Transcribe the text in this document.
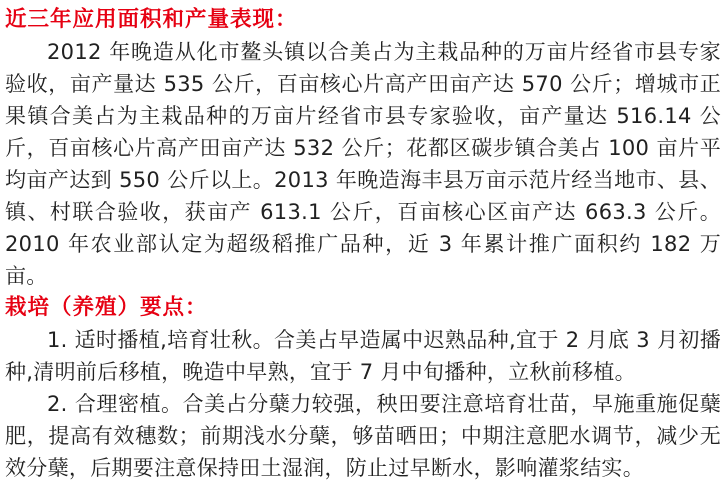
近三年应用面积和产量表现：

2012 年晚造从化市鳌头镇以合美占为主栽品种的万亩片经省市县专家验收，亩产量达 535 公斤，百亩核心片高产田亩产达 570 公斤；增城市正果镇合美占为主栽品种的万亩片经省市县专家验收，亩产量达 516.14 公斤，百亩核心片高产田亩产达 532 公斤；花都区碳步镇合美占 100 亩片平均亩产达到 550 公斤以上。2013 年晚造海丰县万亩示范片经当地市、县、镇、村联合验收，获亩产 613.1 公斤，百亩核心区亩产达 663.3 公斤。2010 年农业部认定为超级稻推广品种，近 3 年累计推广面积约 182 万亩。

栽培（养殖）要点：

1. 适时播植,培育壮秋。合美占早造属中迟熟品种,宜于 2 月底 3 月初播种,清明前后移植，晚造中早熟，宜于 7 月中旬播种，立秋前移植。

2. 合理密植。合美占分蘖力较强，秧田要注意培育壮苗，早施重施促蘖肥，提高有效穗数；前期浅水分蘖，够苗晒田；中期注意肥水调节，减少无效分蘖，后期要注意保持田土湿润，防止过早断水，影响灌浆结实。
